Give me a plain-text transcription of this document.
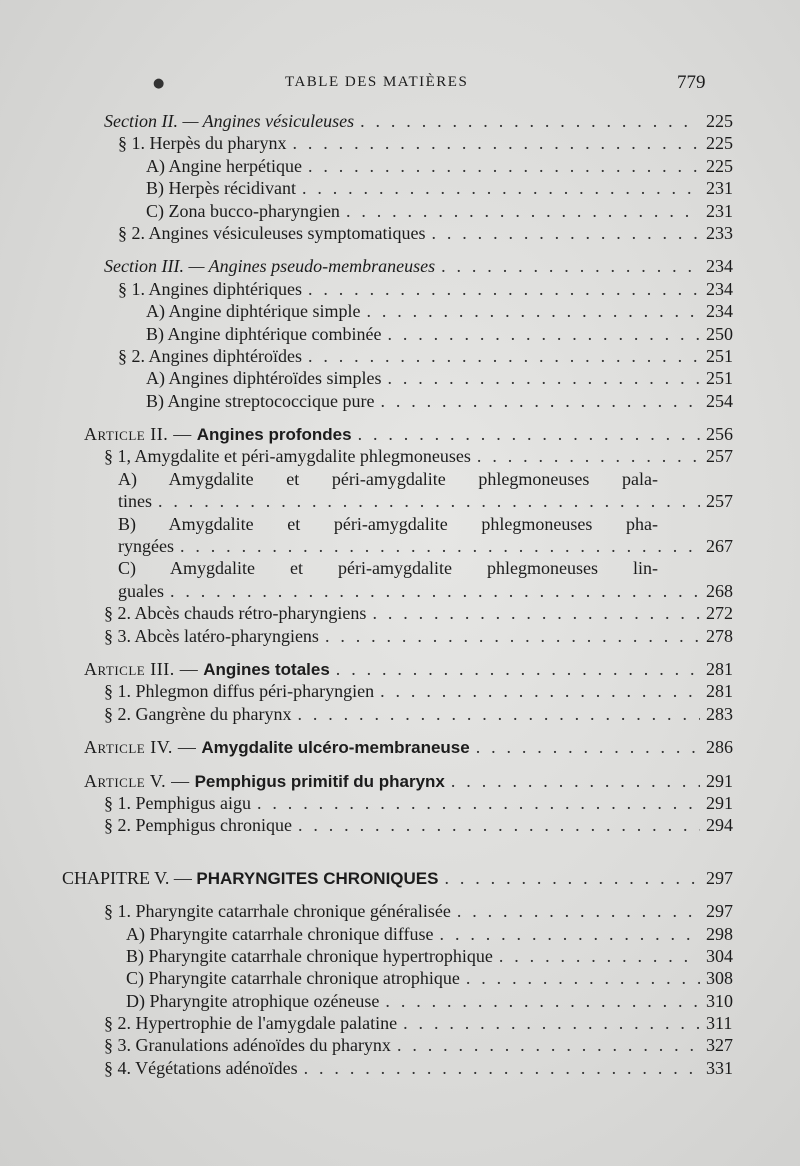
●	TABLE DES MATIÈRES	779
Section II. — Angines vésiculeuses . . .	225
§ 1. Herpès du pharynx . . .	225
A) Angine herpétique . . .	225
B) Herpès récidivant . . .	231
C) Zona bucco-pharyngien . . .	231
§ 2. Angines vésiculeuses symptomatiques . . .	233
Section III. — Angines pseudo-membraneuses . . .	234
§ 1. Angines diphtériques . . .	234
A) Angine diphtérique simple . . .	234
B) Angine diphtérique combinée . . .	250
§ 2. Angines diphtéroïdes . . .	251
A) Angines diphtéroïdes simples . . .	251
B) Angine streptococcique pure . . .	254
Article II. — Angines profondes . . .	256
§ 1, Amygdalite et péri-amygdalite phlegmoneuses . . .	257
A) Amygdalite et péri-amygdalite phlegmoneuses pala-
tines . . .	257
B) Amygdalite et péri-amygdalite phlegmoneuses pha-
ryngées . . .	267
C) Amygdalite et péri-amygdalite phlegmoneuses lin-
guales . . .	268
§ 2. Abcès chauds rétro-pharyngiens . . .	272
§ 3. Abcès latéro-pharyngiens . . .	278
Article III. — Angines totales . . .	281
§ 1. Phlegmon diffus péri-pharyngien . . .	281
§ 2. Gangrène du pharynx . . .	283
Article IV. — Amygdalite ulcéro-membraneuse . . .	286
Article V. — Pemphigus primitif du pharynx . . .	291
§ 1. Pemphigus aigu . . .	291
§ 2. Pemphigus chronique . . .	294
CHAPITRE V. — PHARYNGITES CHRONIQUES . . .	297
§ 1. Pharyngite catarrhale chronique généralisée . . .	297
A) Pharyngite catarrhale chronique diffuse . . .	298
B) Pharyngite catarrhale chronique hypertrophique . . .	304
C) Pharyngite catarrhale chronique atrophique . . .	308
D) Pharyngite atrophique ozéneuse . . .	310
§ 2. Hypertrophie de l'amygdale palatine . . .	311
§ 3. Granulations adénoïdes du pharynx . . .	327
§ 4. Végétations adénoïdes . . .	331
